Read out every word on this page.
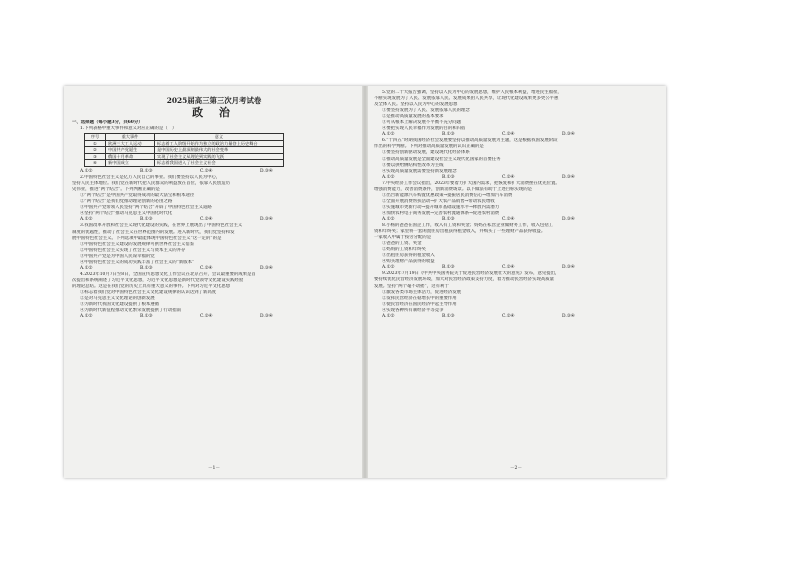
2025届高三第三次月考试卷
政 治

一、选择题（每小题3分，共60分）

1.下列表格中重大事件和意义对应正确的是（　）

序号	重大事件	意义
①	欧洲三大工人运动	标志着工人阶级开始作为独立的政治力量登上历史舞台
②	中国共产党诞生	是中国历史上最深刻最伟大的社会变革
③	俄国十月革命	实现了社会主义从理论到实践的飞跃
④	新中国成立	标志着我国进入了社会主义社会
A.①②	B.①③	C.②④	D.③④

2.中国特色社会主义是亿万人民自己的事业。我们要坚持以人民为中心，

坚持人民主体地位。我们党在新时代把人民群众的利益放在首位，依靠人民创造历

史伟业，推进“两个结合”。下列判断正确的是

①“两个结合”是中国共产党取得成功的最大法宝和根本途径

②“两个结合”是我们党推动理论创新的必由之路

③中国共产党带领人民坚持“两个结合”开辟了中国特色社会主义道路

④坚持“两个结合”推动马克思主义中国化时代化

A.①②	B.①③	C.②④	D.③④

3.我国改革开放和社会主义现代化建设的实践，在世界上展现出了中国特色社会主义

制度的优越性，推动了社会主义在世界范围内的发展。进入新时代，我们党坚持和发

展中国特色社会主义。下列选项中最能体现中国特色社会主义“这一定的”的是

①中国特色社会主义建设的发展规律可供世界社会主义借鉴

②中国特色社会主义实现了社会主义与资本主义的并存

③中国共产党是为中国人民谋幸福的党

④中国特色社会主义的成功实践丰富了社会主义的“新版本”

A.①②	B.①③	C.②④	D.③④

4.2023年10月7日至8日，全国宣传思想文化工作会议在北京召开，会议最重要的成果是首

次提出和系统阐述了习近平文化思想，习近平文化思想是新时代党领导文化建设实践经验

的理论总结。这是在我们党的历史上具有重大意义的事件。下列对习近平文化思想

①标志着我们党对中国特色社会主义文化建设规律的认识达到了新高度

②是对马克思主义文化理论的创新发展

③为新时代我国文化建设提供了根本遵循

④为新时代新征程推动文化繁荣发展提供了行动指南

A.①②	B.①③	C.②④	D.③④
－1－

5.党的二十大报告强调，坚持以人民为中心的发展思想，维护人民根本利益，增进民生福祉，

不断实现发展为了人民、发展依靠人民、发展成果由人民共享，让现代化建设成果更多更公平惠

及全体人民。坚持以人民为中心的发展思想

①要坚持发展为了人民、发展依靠人民的理念

②是推动高质量发展的基本要求

③可从根本上解决发展不平衡不充分问题

④要把实现人民幸福作为发展的目的和归宿

A.①②	B.①③	C.②④	D.③④

6.“十四五”时期我国经济社会发展要坚持以推动高质量发展为主题，这是根据我国发展阶段

作出的科学判断。下列对推动高质量发展的认识正确的是

①要坚持创新驱动发展，建设现代化经济体系

②推动高质量发展是全面建设社会主义现代化国家的首要任务

③要以供给侧结构性改革为主线

④实现高质量发展需要坚持新发展理念

A.①②	B.①③	C.②④	D.③④

7.中央经济工作会议指出，2023年要着力扩大国内需求，把恢复和扩大消费摆在优先位置。

增强消费能力，改善消费条件，创新消费场景。以下做法有助于上述目标实现的是

①出台新能源汽车购置优惠政策→提振居民消费信心→增加汽车消费

②全面开展消费帮扶活动→扩大农产品销售→带动农民增收

③实施城市更新行动→提升城市基础设施水平→释放内需潜力

④加快农村电子商务发展→完善农村流通体系→促进农村消费

A.①②	B.①③	C.②④	D.③④

8.小杨的爸爸在国企工作，收入有工资和奖金；妈妈在私营企业做财务工作，收入包括工

资和年终奖；家里将一套闲置住房出租获得租金收入，并购买了一些理财产品获得收益。

一家收入中属于按劳分配的是

①爸爸的工资、奖金

②妈妈的工资和年终奖

③出租住房获得的租金收入

④购买理财产品获得的收益

A.①②	B.①③	C.②④	D.③④

9.2023年7月19日《中共中央国务院关于促进民营经济发展壮大的意见》发布，意见提出，

要持续优化民营经济发展环境，加大对民营经济政策支持力度，着力推动民营经济实现高质量

发展。坚持“两个毫不动摇”，这有利于

①激发各类市场主体活力，促进经济发展

②发挥民营经济在稳增长中的重要作用

③使民营经济在国民经济中起主导作用

④实现各种所有制经济平等竞争

A.①②	B.①③	C.②④	D.③④
－2－
